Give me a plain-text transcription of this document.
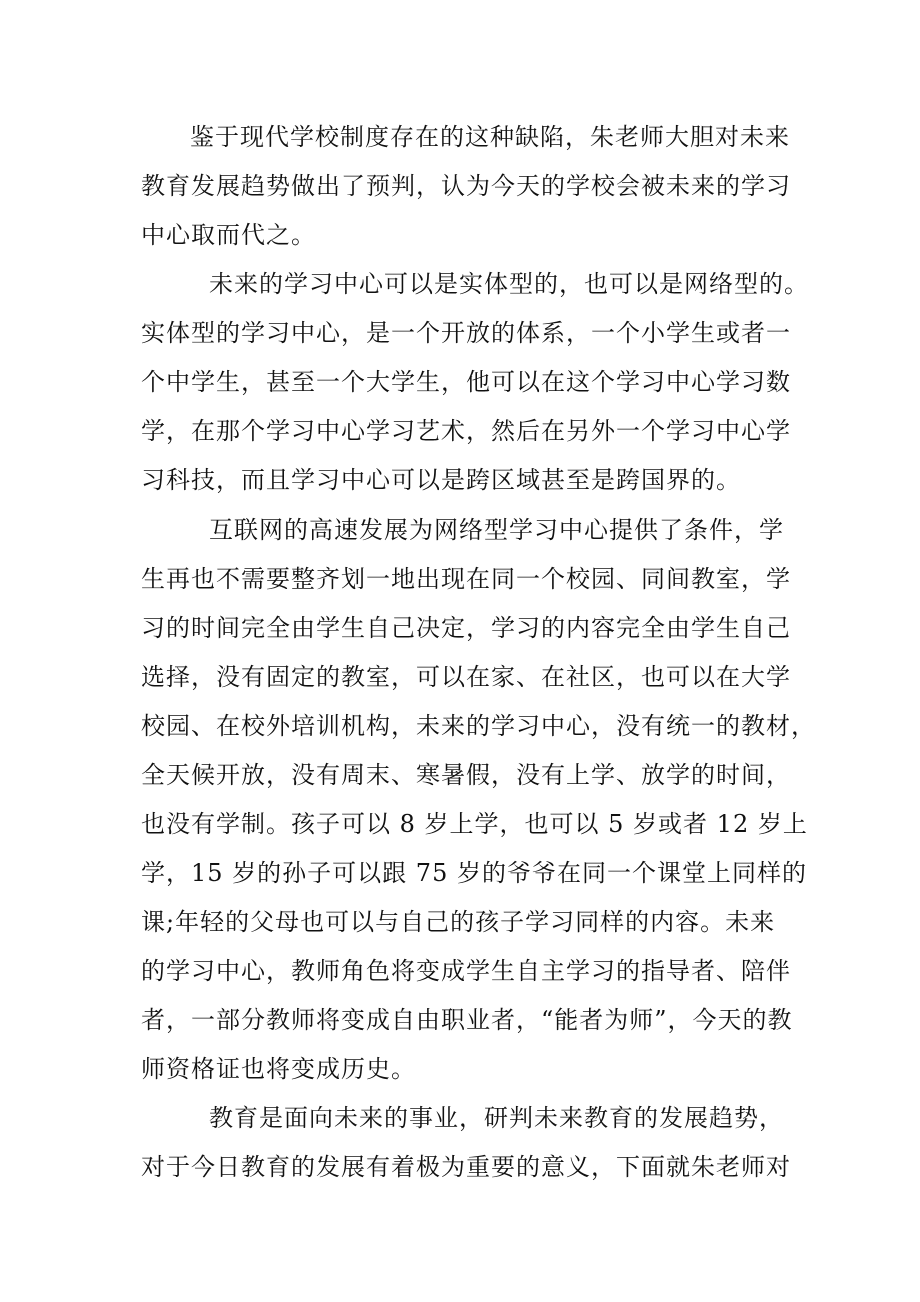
鉴于现代学校制度存在的这种缺陷，朱老师大胆对未来
教育发展趋势做出了预判，认为今天的学校会被未来的学习
中心取而代之。
未来的学习中心可以是实体型的，也可以是网络型的。
实体型的学习中心，是一个开放的体系，一个小学生或者一
个中学生，甚至一个大学生，他可以在这个学习中心学习数
学，在那个学习中心学习艺术，然后在另外一个学习中心学
习科技，而且学习中心可以是跨区域甚至是跨国界的。
互联网的高速发展为网络型学习中心提供了条件，学
生再也不需要整齐划一地出现在同一个校园、同间教室，学
习的时间完全由学生自己决定，学习的内容完全由学生自己
选择，没有固定的教室，可以在家、在社区，也可以在大学
校园、在校外培训机构，未来的学习中心，没有统一的教材，
全天候开放，没有周末、寒暑假，没有上学、放学的时间，
也没有学制。孩子可以 8 岁上学，也可以 5 岁或者 12 岁上
学，15 岁的孙子可以跟 75 岁的爷爷在同一个课堂上同样的
课;年轻的父母也可以与自己的孩子学习同样的内容。未来
的学习中心，教师角色将变成学生自主学习的指导者、陪伴
者，一部分教师将变成自由职业者，“能者为师”，今天的教
师资格证也将变成历史。
教育是面向未来的事业，研判未来教育的发展趋势，
对于今日教育的发展有着极为重要的意义，下面就朱老师对
